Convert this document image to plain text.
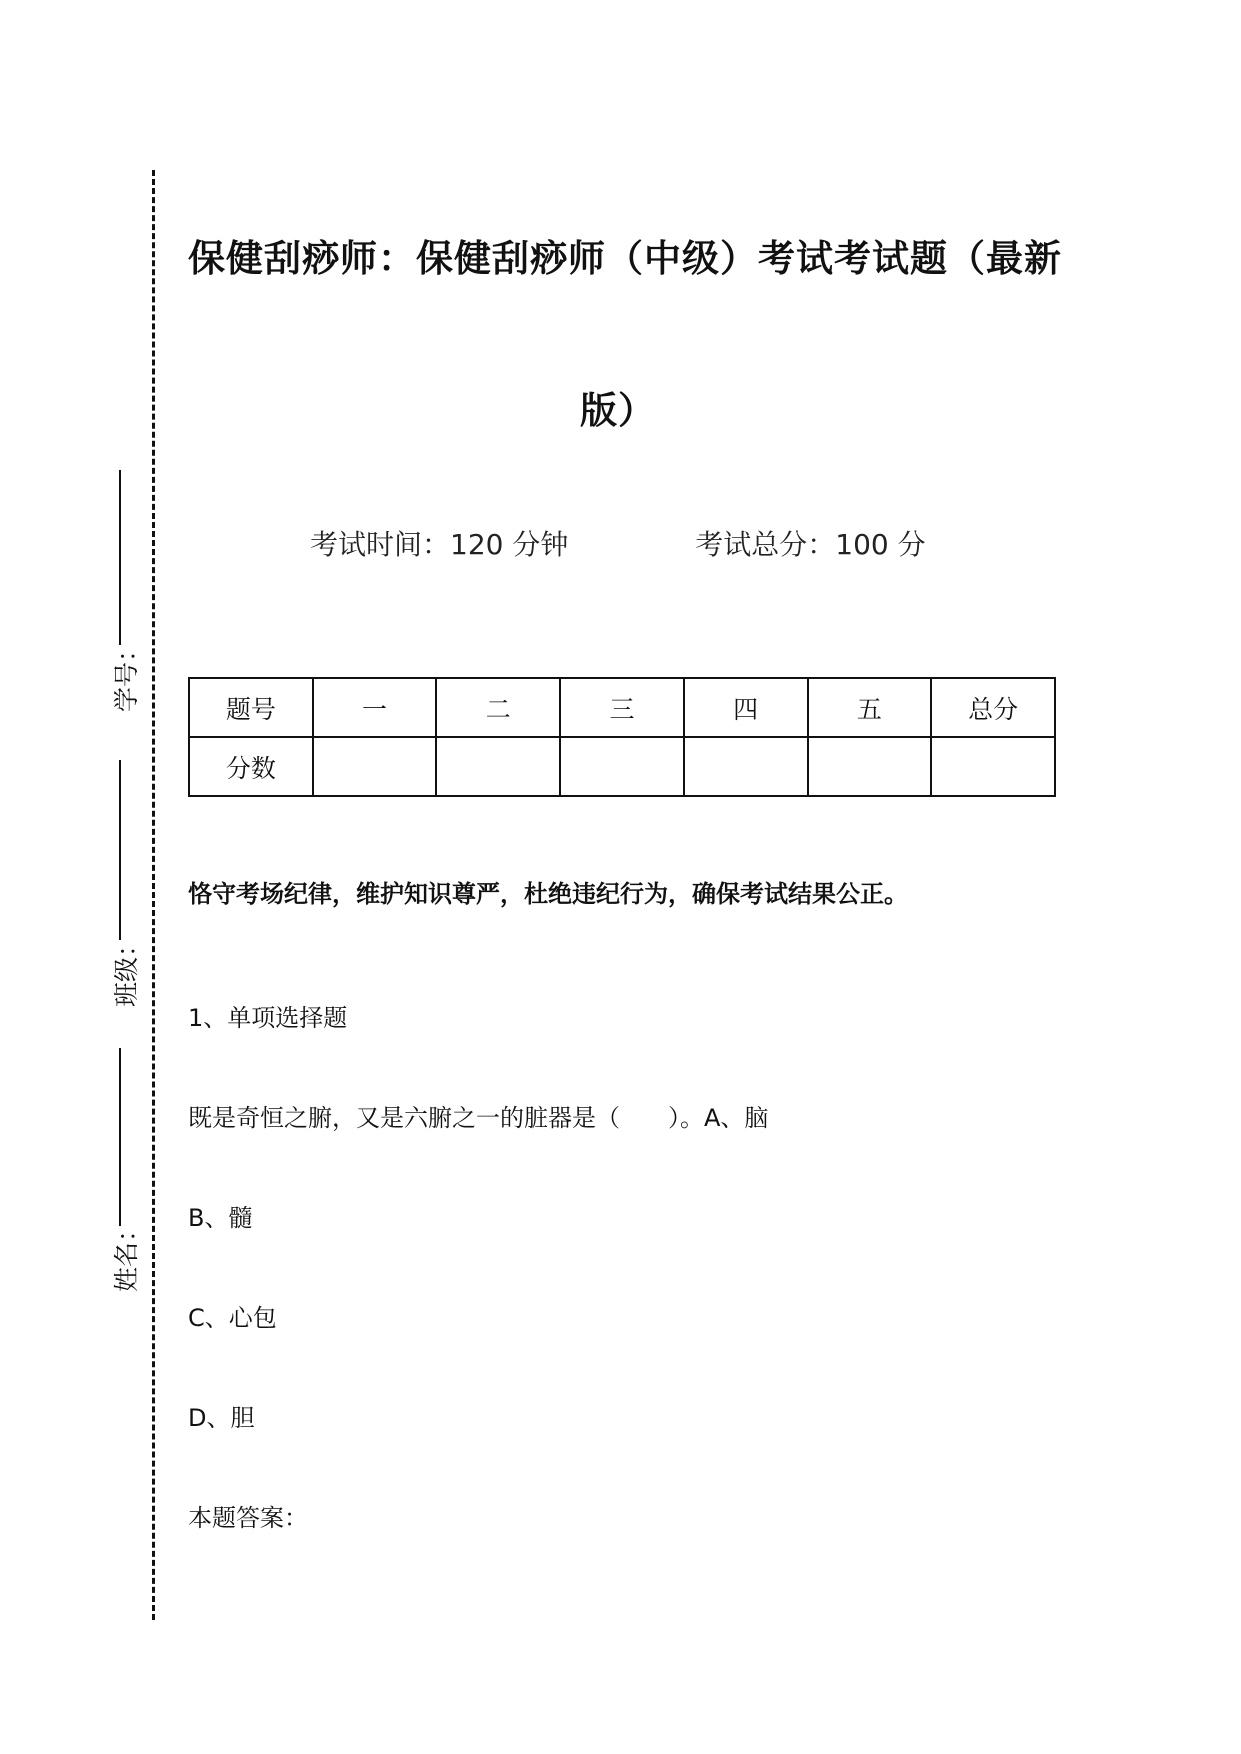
学号：
班级：
姓名：
保健刮痧师：保健刮痧师（中级）考试考试题（最新
版）
考试时间：120 分钟	考试总分：100 分
题号	一	二	三	四	五	总分
分数						
恪守考场纪律，维护知识尊严，杜绝违纪行为，确保考试结果公正。
1、单项选择题
既是奇恒之腑，又是六腑之一的脏器是（　　）。A、脑
B、髓
C、心包
D、胆
本题答案：
